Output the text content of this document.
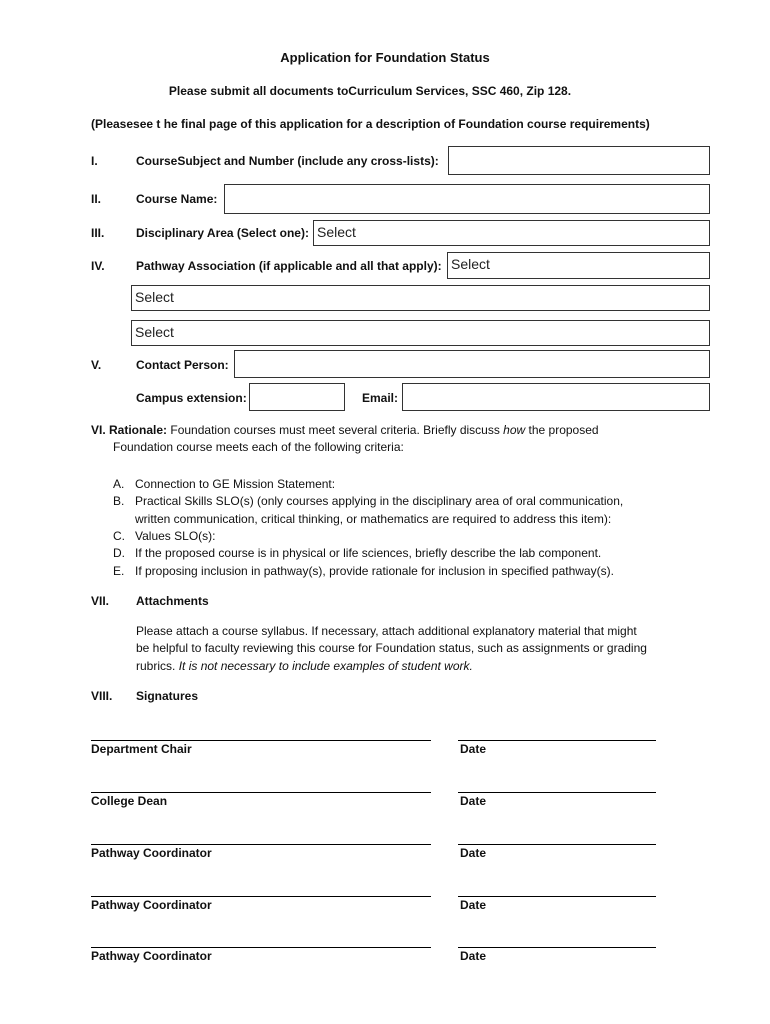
Application for Foundation Status
Please submit all documents toCurriculum Services, SSC 460, Zip 128.
(Pleasesee t he final page of this application for a description of Foundation course requirements)
I.	CourseSubject and Number (include any cross-lists):
II.	Course Name:
III.	Disciplinary Area (Select one): Select
IV.	Pathway Association (if applicable and all that apply): Select
Select
Select
V.	Contact Person:
Campus extension:	Email:
VI. Rationale: Foundation courses must meet several criteria. Briefly discuss how the proposed
Foundation course meets each of the following criteria:
A. Connection to GE Mission Statement:
B. Practical Skills SLO(s) (only courses applying in the disciplinary area of oral communication,
written communication, critical thinking, or mathematics are required to address this item):
C. Values SLO(s):
D. If the proposed course is in physical or life sciences, briefly describe the lab component.
E. If proposing inclusion in pathway(s), provide rationale for inclusion in specified pathway(s).
VII. Attachments
Please attach a course syllabus. If necessary, attach additional explanatory material that might
be helpful to faculty reviewing this course for Foundation status, such as assignments or grading
rubrics. It is not necessary to include examples of student work.
VIII. Signatures
Department Chair	Date
College Dean	Date
Pathway Coordinator	Date
Pathway Coordinator	Date
Pathway Coordinator	Date
